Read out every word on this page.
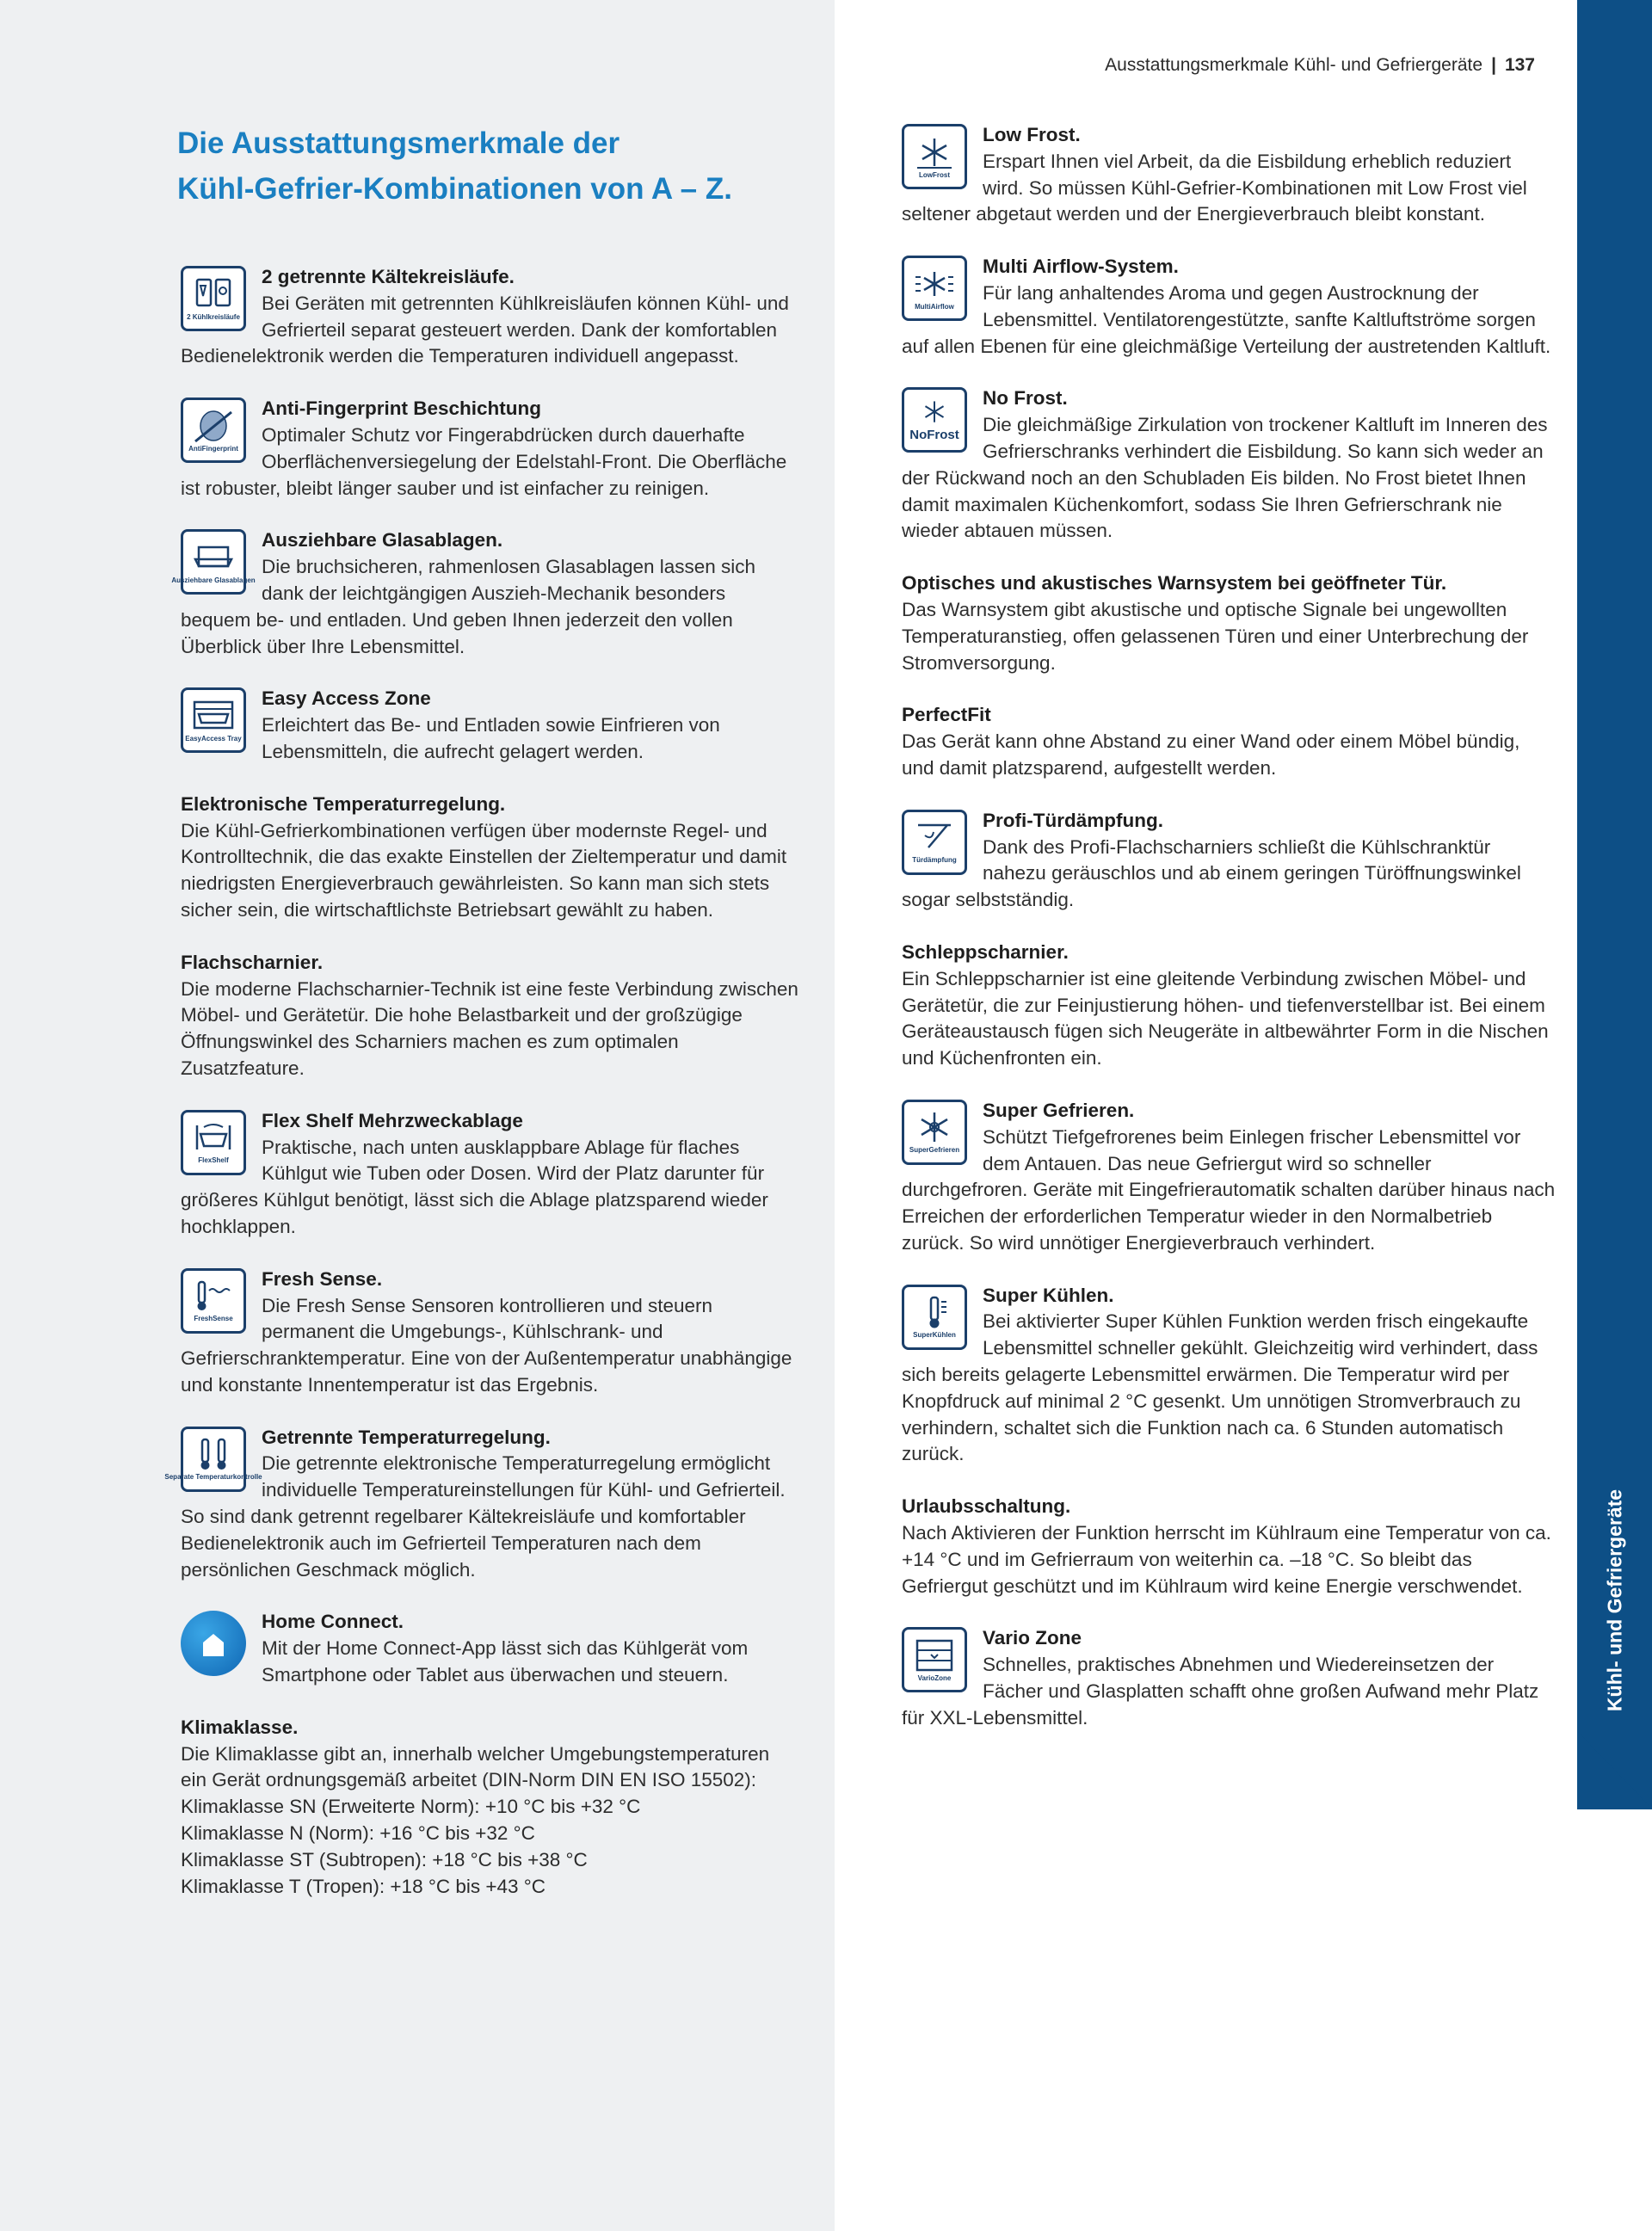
Kühl- und Gefriergeräte
Ausstattungsmerkmale Kühl- und Gefriergeräte | 137
Die Ausstattungsmerkmale der
Kühl-Gefrier-Kombinationen von A – Z.
2 Kühlkreisläufe
2 getrennte Kältekreisläufe.
Bei Geräten mit getrennten Kühlkreisläufen können Kühl- und Gefrierteil separat gesteuert werden. Dank der komfortablen Bedienelektronik werden die Temperaturen individuell angepasst.
AntiFingerprint
Anti-Fingerprint Beschichtung
Optimaler Schutz vor Fingerabdrücken durch dauerhafte Oberflächenversiegelung der Edelstahl-Front. Die Oberfläche ist robuster, bleibt länger sauber und ist einfacher zu reinigen.
Ausziehbare Glasablagen
Ausziehbare Glasablagen.
Die bruchsicheren, rahmenlosen Glasablagen lassen sich dank der leichtgängigen Auszieh-Mechanik besonders bequem be- und entladen. Und geben Ihnen jederzeit den vollen Überblick über Ihre Lebensmittel.
EasyAccess Tray
Easy Access Zone
Erleichtert das Be- und Entladen sowie Einfrieren von Lebensmitteln, die aufrecht gelagert werden.
Elektronische Temperaturregelung.
Die Kühl-Gefrierkombinationen verfügen über modernste Regel- und Kontrolltechnik, die das exakte Einstellen der Zieltemperatur und damit niedrigsten Energieverbrauch gewährleisten. So kann man sich stets sicher sein, die wirtschaftlichste Betriebsart gewählt zu haben.
Flachscharnier.
Die moderne Flachscharnier-Technik ist eine feste Verbindung zwischen Möbel- und Gerätetür. Die hohe Belastbarkeit und der großzügige Öffnungswinkel des Scharniers machen es zum optimalen Zusatzfeature.
FlexShelf
Flex Shelf Mehrzweckablage
Praktische, nach unten ausklappbare Ablage für flaches Kühlgut wie Tuben oder Dosen. Wird der Platz darunter für größeres Kühlgut benötigt, lässt sich die Ablage platzsparend wieder hochklappen.
FreshSense
Fresh Sense.
Die Fresh Sense Sensoren kontrollieren und steuern permanent die Umgebungs-, Kühlschrank- und Gefrierschranktemperatur. Eine von der Außentemperatur unabhängige und konstante Innentemperatur ist das Ergebnis.
Separate Temperaturkontrolle
Getrennte Temperaturregelung.
Die getrennte elektronische Temperaturregelung ermöglicht individuelle Temperatureinstellungen für Kühl- und Gefrierteil. So sind dank getrennt regelbarer Kältekreisläufe und komfortabler Bedienelektronik auch im Gefrierteil Temperaturen nach dem persönlichen Geschmack möglich.
Home Connect.
Mit der Home Connect-App lässt sich das Kühlgerät vom Smartphone oder Tablet aus überwachen und steuern.
Klimaklasse.
Die Klimaklasse gibt an, innerhalb welcher Umgebungstemperaturen ein Gerät ordnungsgemäß arbeitet (DIN-Norm DIN EN ISO 15502):
Klimaklasse SN (Erweiterte Norm): +10 °C bis +32 °C
Klimaklasse N (Norm): +16 °C bis +32 °C
Klimaklasse ST (Subtropen): +18 °C bis +38 °C
Klimaklasse T (Tropen): +18 °C bis +43 °C
LowFrost
Low Frost.
Erspart Ihnen viel Arbeit, da die Eisbildung erheblich reduziert wird. So müssen Kühl-Gefrier-Kombinationen mit Low Frost viel seltener abgetaut werden und der Energieverbrauch bleibt konstant.
MultiAirflow
Multi Airflow-System.
Für lang anhaltendes Aroma und gegen Austrocknung der Lebensmittel. Ventilatorengestützte, sanfte Kaltluftströme sorgen auf allen Ebenen für eine gleichmäßige Verteilung der austretenden Kaltluft.
NoFrost
No Frost.
Die gleichmäßige Zirkulation von trockener Kaltluft im Inneren des Gefrierschranks verhindert die Eisbildung. So kann sich weder an der Rückwand noch an den Schubladen Eis bilden. No Frost bietet Ihnen damit maximalen Küchenkomfort, sodass Sie Ihren Gefrierschrank nie wieder abtauen müssen.
Optisches und akustisches Warnsystem bei geöffneter Tür.
Das Warnsystem gibt akustische und optische Signale bei ungewollten Temperaturanstieg, offen gelassenen Türen und einer Unterbrechung der Stromversorgung.
PerfectFit
Das Gerät kann ohne Abstand zu einer Wand oder einem Möbel bündig, und damit platzsparend, aufgestellt werden.
Türdämpfung
Profi-Türdämpfung.
Dank des Profi-Flachscharniers schließt die Kühlschranktür nahezu geräuschlos und ab einem geringen Türöffnungswinkel sogar selbstständig.
Schleppscharnier.
Ein Schleppscharnier ist eine gleitende Verbindung zwischen Möbel- und Gerätetür, die zur Feinjustierung höhen- und tiefenverstellbar ist. Bei einem Geräteaustausch fügen sich Neugeräte in altbewährter Form in die Nischen und Küchenfronten ein.
SuperGefrieren
Super Gefrieren.
Schützt Tiefgefrorenes beim Einlegen frischer Lebensmittel vor dem Antauen. Das neue Gefriergut wird so schneller durchgefroren. Geräte mit Eingefrierautomatik schalten darüber hinaus nach Erreichen der erforderlichen Temperatur wieder in den Normalbetrieb zurück. So wird unnötiger Energieverbrauch verhindert.
SuperKühlen
Super Kühlen.
Bei aktivierter Super Kühlen Funktion werden frisch eingekaufte Lebensmittel schneller gekühlt. Gleichzeitig wird verhindert, dass sich bereits gelagerte Lebensmittel erwärmen. Die Temperatur wird per Knopfdruck auf minimal 2 °C gesenkt. Um unnötigen Stromverbrauch zu verhindern, schaltet sich die Funktion nach ca. 6 Stunden automatisch zurück.
Urlaubsschaltung.
Nach Aktivieren der Funktion herrscht im Kühlraum eine Temperatur von ca. +14 °C und im Gefrierraum von weiterhin ca. –18 °C. So bleibt das Gefriergut geschützt und im Kühlraum wird keine Energie verschwendet.
VarioZone
Vario Zone
Schnelles, praktisches Abnehmen und Wiedereinsetzen der Fächer und Glasplatten schafft ohne großen Aufwand mehr Platz für XXL-Lebensmittel.
